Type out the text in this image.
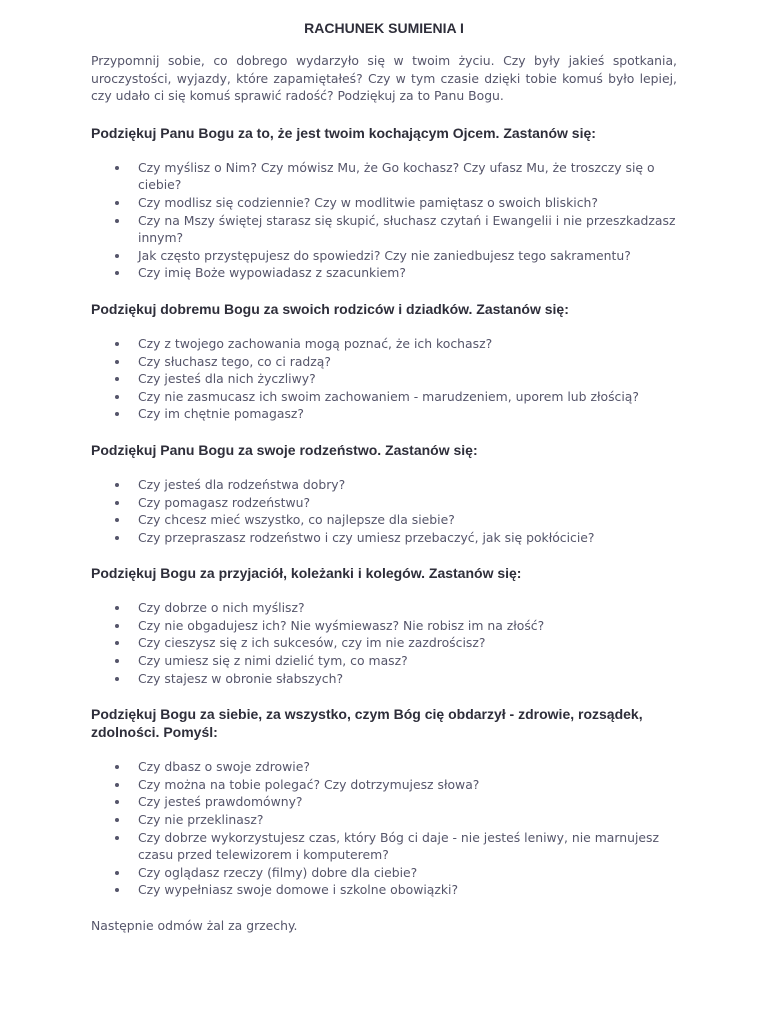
RACHUNEK SUMIENIA I

Przypomnij sobie, co dobrego wydarzyło się w twoim życiu. Czy były jakieś spotkania, uroczystości, wyjazdy, które zapamiętałeś? Czy w tym czasie dzięki tobie komuś było lepiej, czy udało ci się komuś sprawić radość? Podziękuj za to Panu Bogu.

Podziękuj Panu Bogu za to, że jest twoim kochającym Ojcem. Zastanów się:
Czy myślisz o Nim? Czy mówisz Mu, że Go kochasz? Czy ufasz Mu, że troszczy się o ciebie?
Czy modlisz się codziennie? Czy w modlitwie pamiętasz o swoich bliskich?
Czy na Mszy świętej starasz się skupić, słuchasz czytań i Ewangelii i nie przeszkadzasz innym?
Jak często przystępujesz do spowiedzi? Czy nie zaniedbujesz tego sakramentu?
Czy imię Boże wypowiadasz z szacunkiem?
Podziękuj dobremu Bogu za swoich rodziców i dziadków. Zastanów się:
Czy z twojego zachowania mogą poznać, że ich kochasz?
Czy słuchasz tego, co ci radzą?
Czy jesteś dla nich życzliwy?
Czy nie zasmucasz ich swoim zachowaniem - marudzeniem, uporem lub złością?
Czy im chętnie pomagasz?
Podziękuj Panu Bogu za swoje rodzeństwo. Zastanów się:
Czy jesteś dla rodzeństwa dobry?
Czy pomagasz rodzeństwu?
Czy chcesz mieć wszystko, co najlepsze dla siebie?
Czy przepraszasz rodzeństwo i czy umiesz przebaczyć, jak się pokłócicie?
Podziękuj Bogu za przyjaciół, koleżanki i kolegów. Zastanów się:
Czy dobrze o nich myślisz?
Czy nie obgadujesz ich? Nie wyśmiewasz? Nie robisz im na złość?
Czy cieszysz się z ich sukcesów, czy im nie zazdrościsz?
Czy umiesz się z nimi dzielić tym, co masz?
Czy stajesz w obronie słabszych?
Podziękuj Bogu za siebie, za wszystko, czym Bóg cię obdarzył - zdrowie, rozsądek, zdolności. Pomyśl:
Czy dbasz o swoje zdrowie?
Czy można na tobie polegać? Czy dotrzymujesz słowa?
Czy jesteś prawdomówny?
Czy nie przeklinasz?
Czy dobrze wykorzystujesz czas, który Bóg ci daje - nie jesteś leniwy, nie marnujesz czasu przed telewizorem i komputerem?
Czy oglądasz rzeczy (filmy) dobre dla ciebie?
Czy wypełniasz swoje domowe i szkolne obowiązki?

Następnie odmów żal za grzechy.
